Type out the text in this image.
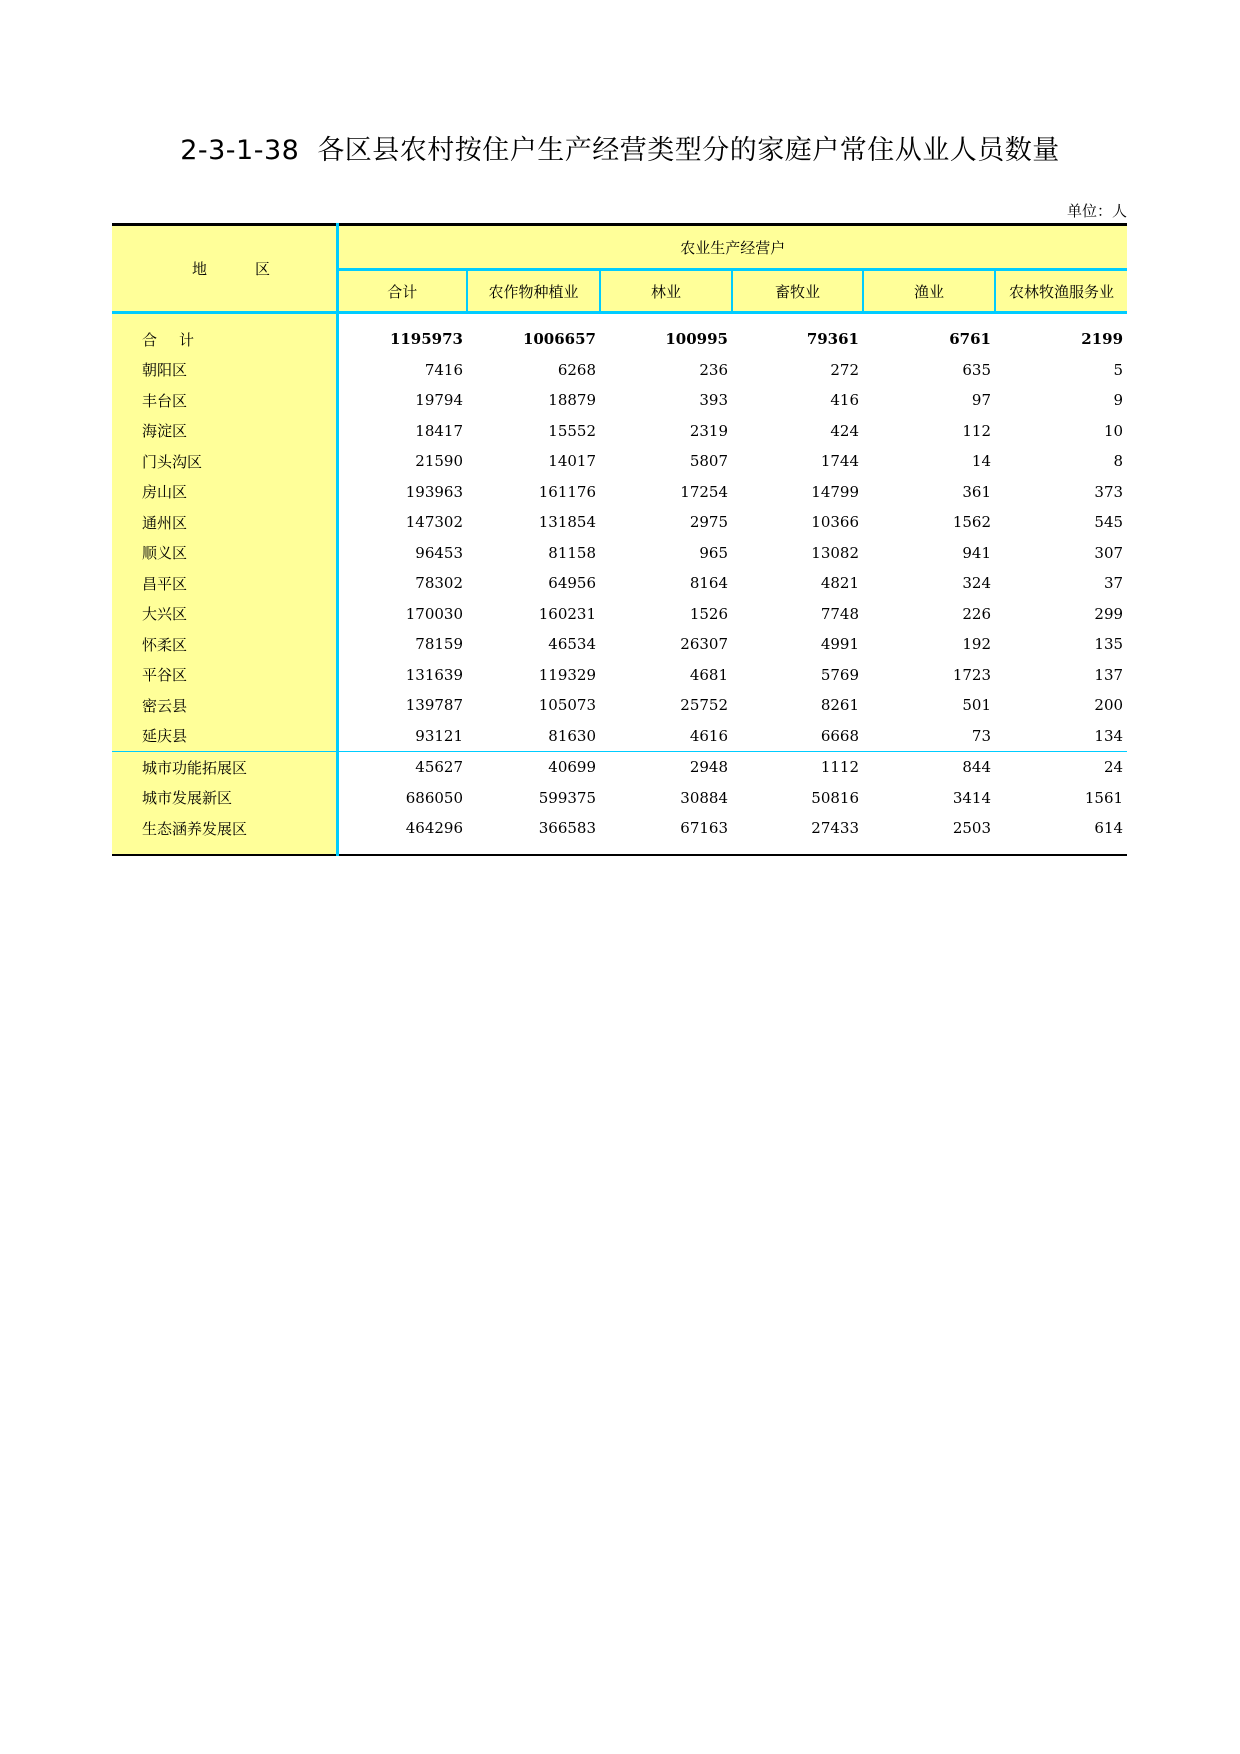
2-3-1-38 各区县农村按住户生产经营类型分的家庭户常住从业人员数量
单位：人
地 区	农业生产经营户					
	合计	农作物种植业	林业	畜牧业	渔业	农林牧渔服务业
合 计	1195973	1006657	100995	79361	6761	2199
朝阳区	7416	6268	236	272	635	5
丰台区	19794	18879	393	416	97	9
海淀区	18417	15552	2319	424	112	10
门头沟区	21590	14017	5807	1744	14	8
房山区	193963	161176	17254	14799	361	373
通州区	147302	131854	2975	10366	1562	545
顺义区	96453	81158	965	13082	941	307
昌平区	78302	64956	8164	4821	324	37
大兴区	170030	160231	1526	7748	226	299
怀柔区	78159	46534	26307	4991	192	135
平谷区	131639	119329	4681	5769	1723	137
密云县	139787	105073	25752	8261	501	200
延庆县	93121	81630	4616	6668	73	134
城市功能拓展区	45627	40699	2948	1112	844	24
城市发展新区	686050	599375	30884	50816	3414	1561
生态涵养发展区	464296	366583	67163	27433	2503	614
